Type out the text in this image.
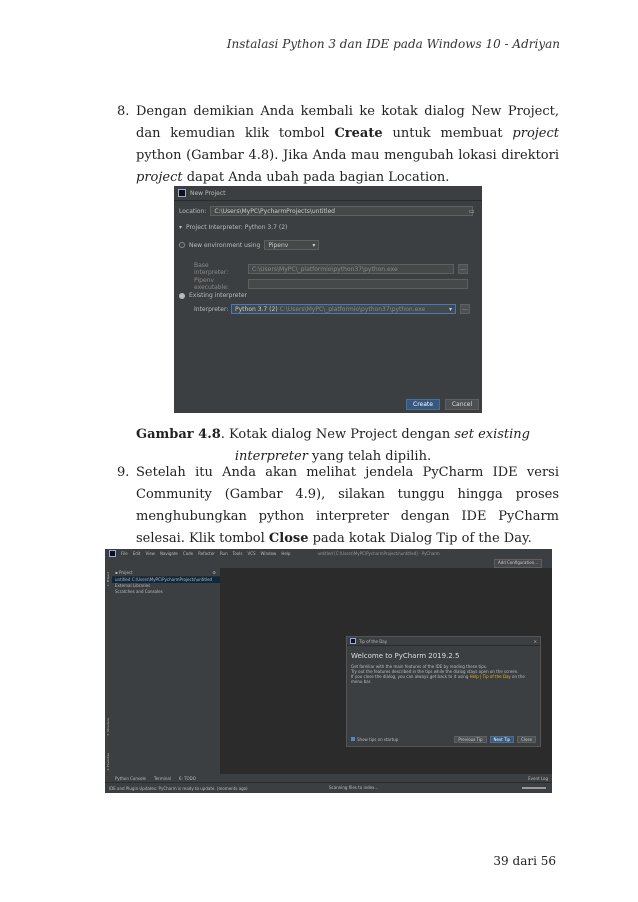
Instalasi Python 3 dan IDE pada Windows 10 - Adriyan
8. Dengan demikian Anda kembali ke kotak dialog New Project, dan kemudian klik tombol Create untuk membuat project python (Gambar 4.8). Jika Anda mau mengubah lokasi direktori project dapat Anda ubah pada bagian Location.
New Project
Location: C:\Users\MyPC\PycharmProjects\untitled	▭
▾ Project Interpreter: Python 3.7 (2)
New environment using Pipenv	▾
Base interpreter:	C:\Users\MyPC\_platformio\python37\python.exe	...
Pipenv executable:
Existing interpreter
Interpreter: Python 3.7 (2)
C:\Users\MyPC\_platformio\python37\python.exe	▾	...
Create	Cancel
Gambar 4.8. Kotak dialog New Project dengan set existing interpreter yang telah dipilih.
9. Setelah itu Anda akan melihat jendela PyCharm IDE versi Community (Gambar 4.9), silakan tunggu hingga proses menghubungkan python interpreter dengan IDE PyCharm selesai. Klik tombol Close pada kotak Dialog Tip of the Day.
File Edit View Navigate Code Refactor Run Tools VCS Window Help	untitled [C:\Users\MyPC\PycharmProjects\untitled] - PyCharm
Add Configuration...
1: Project
7: Structure
2: Favorites
▪
Project	⚙
untitled C:\Users\MyPC\PycharmProjects\untitled
External Libraries
Scratches and Consoles
Tip of the Day	✕
Welcome to PyCharm 2019.2.5
Get familiar with the main features of the IDE by reading these tips.
Try out the features described in the tips while the dialog stays open on the screen.
If you close the dialog, you can always get back to it using Help | Tip of the Day on the menu bar.
Show tips on startup	Previous Tip	Next Tip	Close
Python Console Terminal 6: TODO	Event Log
IDE and Plugin Updates: PyCharm is ready to update. (moments ago)	Scanning files to index...
39 dari 56
